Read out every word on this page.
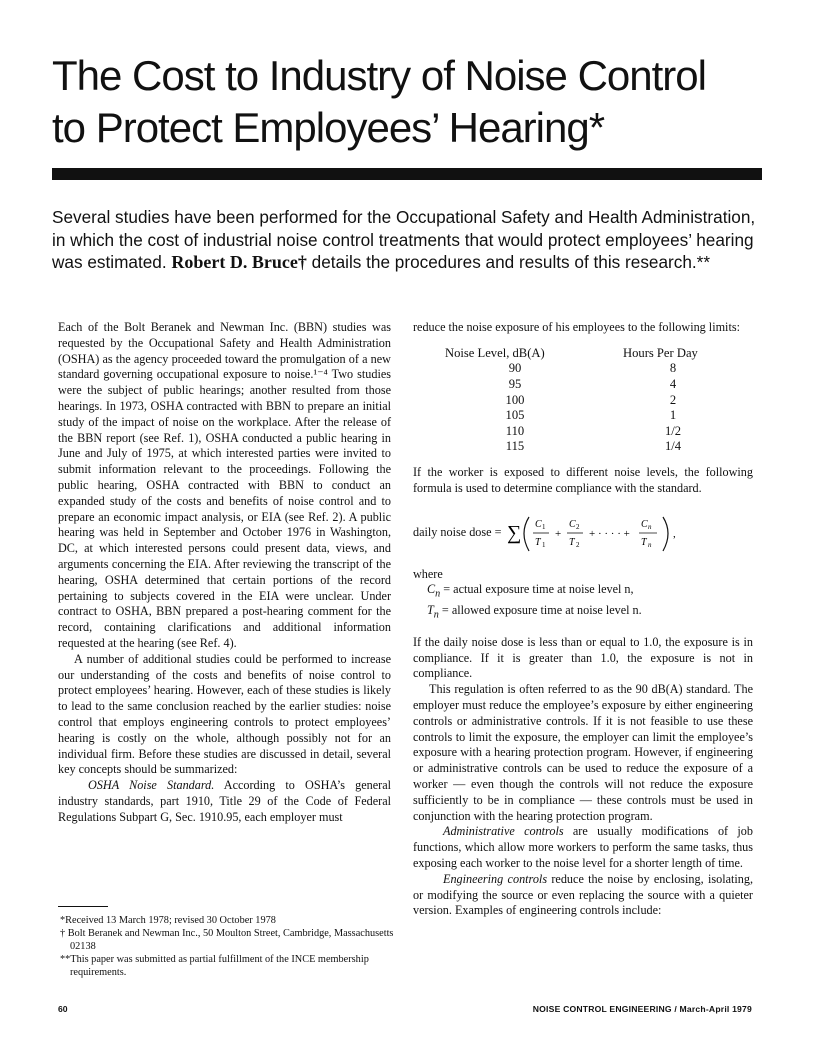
The Cost to Industry of Noise Control
to Protect Employees’ Hearing*

Several studies have been performed for the Occupational Safety and Health Administration, in which the cost of industrial noise control treatments that would protect employees’ hearing was estimated. Robert D. Bruce† details the procedures and results of this research.**

Each of the Bolt Beranek and Newman Inc. (BBN) studies was requested by the Occupational Safety and Health Administration (OSHA) as the agency proceeded toward the promulgation of a new standard governing occupational exposure to noise.¹⁻⁴ Two studies were the subject of public hearings; another resulted from those hearings. In 1973, OSHA contracted with BBN to prepare an initial study of the impact of noise on the workplace. After the release of the BBN report (see Ref. 1), OSHA conducted a public hearing in June and July of 1975, at which interested parties were invited to submit information relevant to the proceedings. Following the public hearing, OSHA contracted with BBN to conduct an expanded study of the costs and benefits of noise control and to prepare an economic impact analysis, or EIA (see Ref. 2). A public hearing was held in September and October 1976 in Washington, DC, at which interested persons could present data, views, and arguments concerning the EIA. After reviewing the transcript of the hearing, OSHA determined that certain portions of the record pertaining to subjects covered in the EIA were unclear. Under contract to OSHA, BBN prepared a post-hearing comment for the record, containing clarifications and additional information requested at the hearing (see Ref. 4).

A number of additional studies could be performed to increase our understanding of the costs and benefits of noise control to protect employees’ hearing. However, each of these studies is likely to lead to the same conclusion reached by the earlier studies: noise control that employs engineering controls to protect employees’ hearing is costly on the whole, although possibly not for an individual firm. Before these studies are discussed in detail, several key concepts should be summarized:

OSHA Noise Standard. According to OSHA’s general industry standards, part 1910, Title 29 of the Code of Federal Regulations Subpart G, Sec. 1910.95, each employer must

*Received 13 March 1978; revised 30 October 1978

† Bolt Beranek and Newman Inc., 50 Moulton Street, Cambridge, Massachusetts 02138

**This paper was submitted as partial fulfillment of the INCE membership requirements.

reduce the noise exposure of his employees to the following limits:

Noise Level, dB(A)	Hours Per Day
90	8
95	4
100	2
105	1
110	1/2
115	1/4

If the worker is exposed to different noise levels, the following formula is used to determine compliance with the standard.

daily noise dose = ∑ C 1
T 1
+
C 2
T 2
+ · · · · +
C n
T n
,

where

$C_n$ = actual exposure time at noise level n,
$T_n$ = allowed exposure time at noise level n.

If the daily noise dose is less than or equal to 1.0, the exposure is in compliance. If it is greater than 1.0, the exposure is not in compliance.

This regulation is often referred to as the 90 dB(A) standard. The employer must reduce the employee’s exposure by either engineering controls or administrative controls. If it is not feasible to use these controls to limit the exposure, the employer can limit the employee’s exposure with a hearing protection program. However, if engineering or administrative controls can be used to reduce the exposure of a worker — even though the controls will not reduce the exposure sufficiently to be in compliance — these controls must be used in conjunction with the hearing protection program.

Administrative controls are usually modifications of job functions, which allow more workers to perform the same tasks, thus exposing each worker to the noise level for a shorter length of time.

Engineering controls reduce the noise by enclosing, isolating, or modifying the source or even replacing the source with a quieter version. Examples of engineering controls include:

60	NOISE CONTROL ENGINEERING / March-April 1979
